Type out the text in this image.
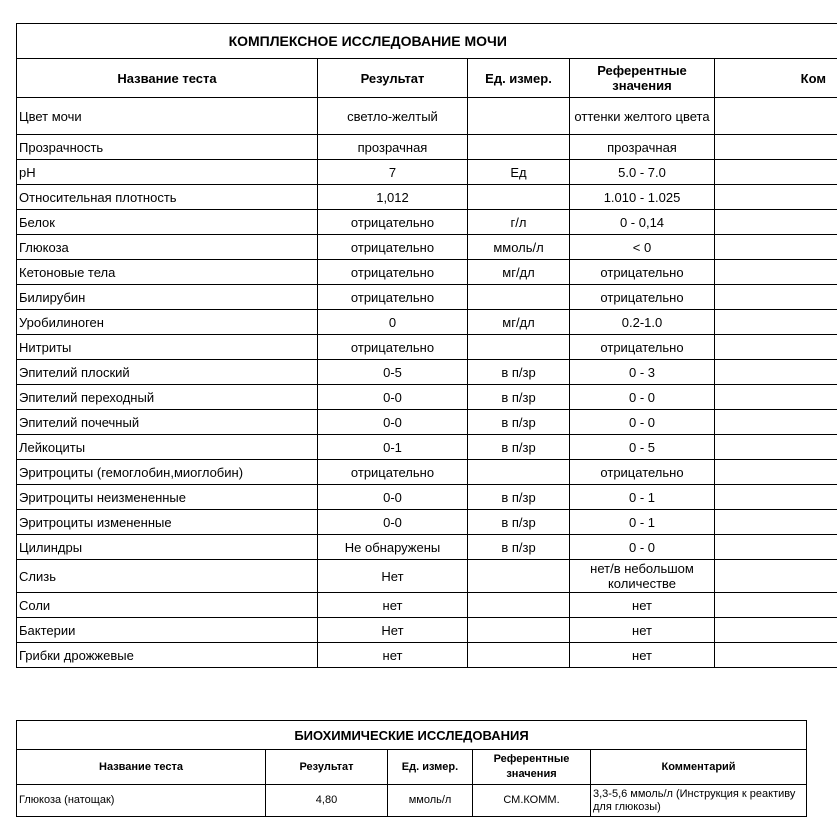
КОМПЛЕКСНОЕ ИССЛЕДОВАНИЕ МОЧИ				
Название теста	Результат	Ед. измер.	Референтные значения	Ком
Цвет мочи	светло-желтый		оттенки желтого цвета	
Прозрачность	прозрачная		прозрачная	
pH	7	Ед	5.0 - 7.0	
Относительная плотность	1,012		1.010 - 1.025	
Белок	отрицательно	г/л	0 - 0,14	
Глюкоза	отрицательно	ммоль/л	< 0	
Кетоновые тела	отрицательно	мг/дл	отрицательно	
Билирубин	отрицательно		отрицательно	
Уробилиноген	0	мг/дл	0.2-1.0	
Нитриты	отрицательно		отрицательно	
Эпителий плоский	0-5	в п/зр	0 - 3	
Эпителий переходный	0-0	в п/зр	0 - 0	
Эпителий почечный	0-0	в п/зр	0 - 0	
Лейкоциты	0-1	в п/зр	0 - 5	
Эритроциты (гемоглобин,миоглобин)	отрицательно		отрицательно	
Эритроциты неизмененные	0-0	в п/зр	0 - 1	
Эритроциты измененные	0-0	в п/зр	0 - 1	
Цилиндры	Не обнаружены	в п/зр	0 - 0	
Слизь	Нет		нет/в небольшом количестве	
Соли	нет		нет	
Бактерии	Нет		нет	
Грибки дрожжевые	нет		нет	
БИОХИМИЧЕСКИЕ ИССЛЕДОВАНИЯ				
Название теста	Результат	Ед. измер.	Референтные значения	Комментарий
Глюкоза (натощак)	4,80	ммоль/л	СМ.КОММ.	3,3-5,6 ммоль/л (Инструкция к реактиву для глюкозы)
